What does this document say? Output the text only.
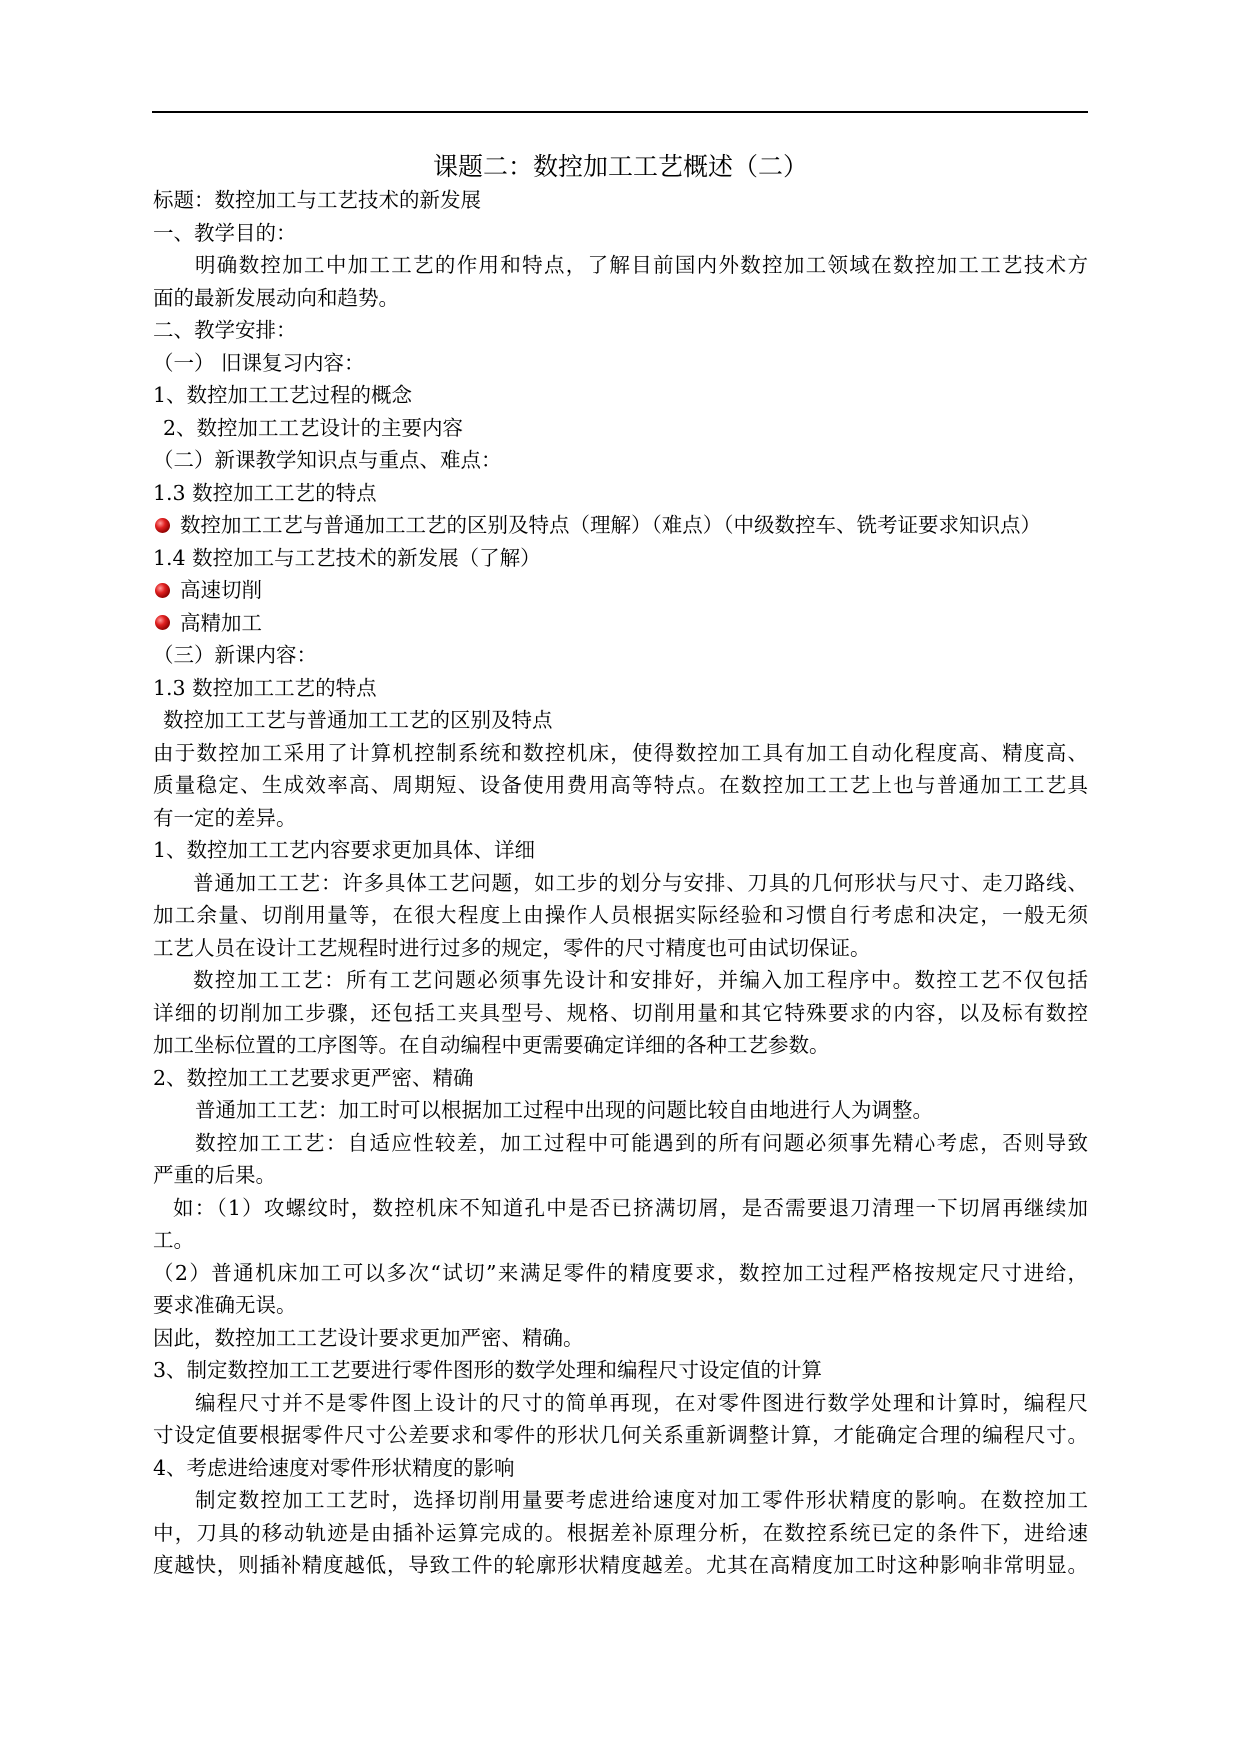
课题二：数控加工工艺概述（二）
标题：数控加工与工艺技术的新发展
一、教学目的：
明确数控加工中加工工艺的作用和特点，了解目前国内外数控加工领域在数控加工工艺技术方
面的最新发展动向和趋势。
二、教学安排：
（一） 旧课复习内容：
1、数控加工工艺过程的概念
2、数控加工工艺设计的主要内容
（二）新课教学知识点与重点、难点：
1.3 数控加工工艺的特点
数控加工工艺与普通加工工艺的区别及特点（理解）（难点）（中级数控车、铣考证要求知识点）
1.4 数控加工与工艺技术的新发展（了解）
高速切削
高精加工
（三）新课内容：
1.3 数控加工工艺的特点
数控加工工艺与普通加工工艺的区别及特点
由于数控加工采用了计算机控制系统和数控机床，使得数控加工具有加工自动化程度高、精度高、
质量稳定、生成效率高、周期短、设备使用费用高等特点。在数控加工工艺上也与普通加工工艺具
有一定的差异。
1、数控加工工艺内容要求更加具体、详细
普通加工工艺：许多具体工艺问题，如工步的划分与安排、刀具的几何形状与尺寸、走刀路线、
加工余量、切削用量等，在很大程度上由操作人员根据实际经验和习惯自行考虑和决定，一般无须
工艺人员在设计工艺规程时进行过多的规定，零件的尺寸精度也可由试切保证。
数控加工工艺：所有工艺问题必须事先设计和安排好，并编入加工程序中。数控工艺不仅包括
详细的切削加工步骤，还包括工夹具型号、规格、切削用量和其它特殊要求的内容，以及标有数控
加工坐标位置的工序图等。在自动编程中更需要确定详细的各种工艺参数。
2、数控加工工艺要求更严密、精确
普通加工工艺：加工时可以根据加工过程中出现的问题比较自由地进行人为调整。
数控加工工艺：自适应性较差，加工过程中可能遇到的所有问题必须事先精心考虑，否则导致
严重的后果。
如：（1）攻螺纹时，数控机床不知道孔中是否已挤满切屑，是否需要退刀清理一下切屑再继续加
工。
（2）普通机床加工可以多次“试切”来满足零件的精度要求，数控加工过程严格按规定尺寸进给，
要求准确无误。
因此，数控加工工艺设计要求更加严密、精确。
3、制定数控加工工艺要进行零件图形的数学处理和编程尺寸设定值的计算
编程尺寸并不是零件图上设计的尺寸的简单再现，在对零件图进行数学处理和计算时，编程尺
寸设定值要根据零件尺寸公差要求和零件的形状几何关系重新调整计算，才能确定合理的编程尺寸。
4、考虑进给速度对零件形状精度的影响
制定数控加工工艺时，选择切削用量要考虑进给速度对加工零件形状精度的影响。在数控加工
中，刀具的移动轨迹是由插补运算完成的。根据差补原理分析，在数控系统已定的条件下，进给速
度越快，则插补精度越低，导致工件的轮廓形状精度越差。尤其在高精度加工时这种影响非常明显。
